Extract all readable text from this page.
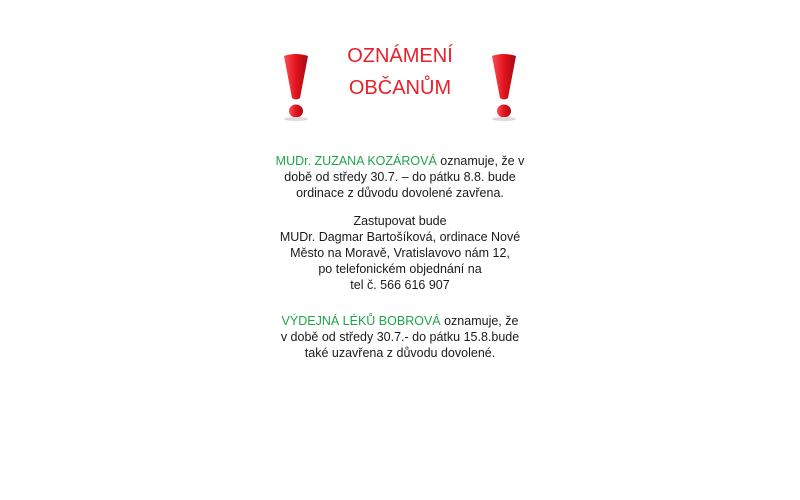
OZNÁMENÍ
OBČANŮM
MUDr. ZUZANA KOZÁROVÁ oznamuje, že v
době od středy 30.7. – do pátku 8.8. bude
ordinace z důvodu dovolené zavřena.
Zastupovat bude
MUDr. Dagmar Bartošíková, ordinace Nové
Město na Moravě, Vratislavovo nám 12,
po telefonickém objednání na
tel č. 566 616 907
VÝDEJNÁ LÉKŮ BOBROVÁ oznamuje, že
v době od středy 30.7.- do pátku 15.8.bude
také uzavřena z důvodu dovolené.
